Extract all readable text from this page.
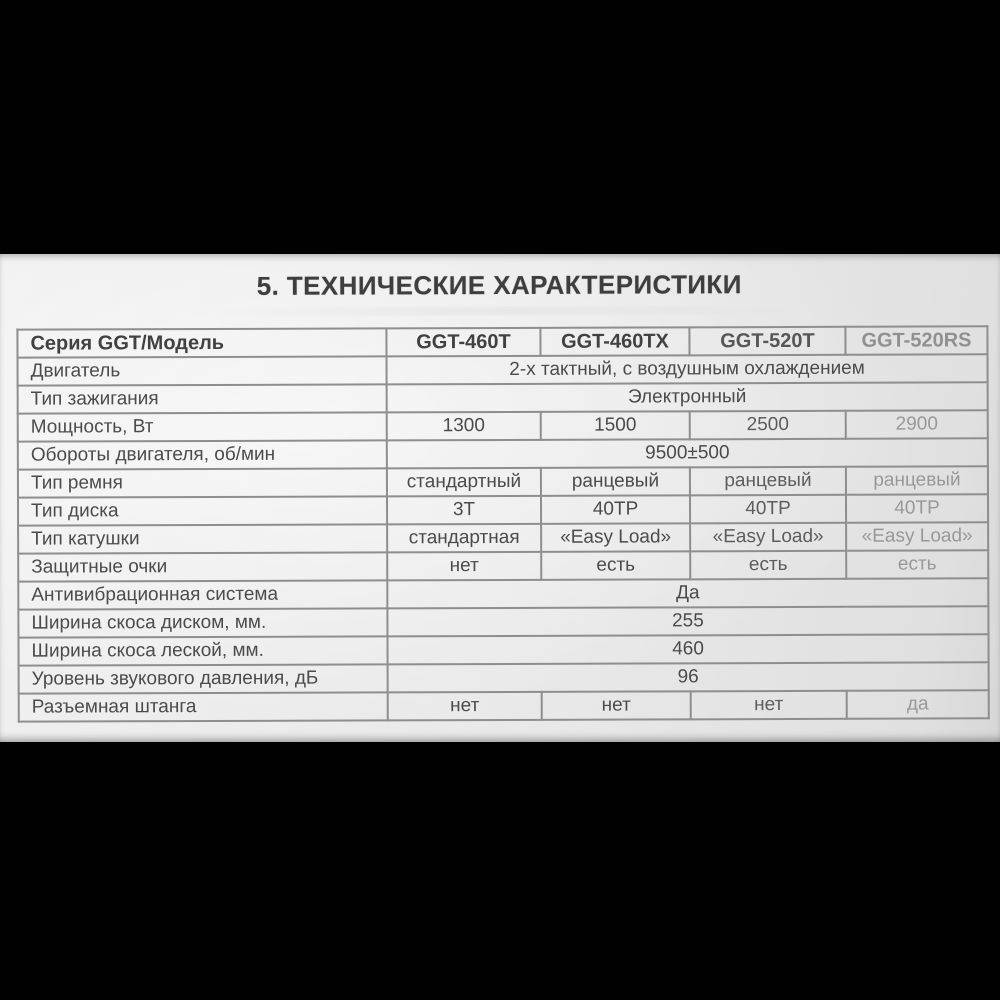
5. ТЕХНИЧЕСКИЕ ХАРАКТЕРИСТИКИ
Серия GGT/Модель	GGT-460T	GGT-460TX	GGT-520T	GGT-520RS
Двигатель	2-х тактный, с воздушным охлаждением			
Тип зажигания	Электронный			
Мощность, Вт	1300	1500	2500	2900
Обороты двигателя, об/мин	9500±500			
Тип ремня	стандартный	ранцевый	ранцевый	ранцевый
Тип диска	3Т	40ТР	40ТР	40ТР
Тип катушки	стандартная	«Easy Load»	«Easy Load»	«Easy Load»
Защитные очки	нет	есть	есть	есть
Антивибрационная система	Да			
Ширина скоса диском, мм.	255			
Ширина скоса леской, мм.	460			
Уровень звукового давления, дБ	96			
Разъемная штанга	нет	нет	нет	да
